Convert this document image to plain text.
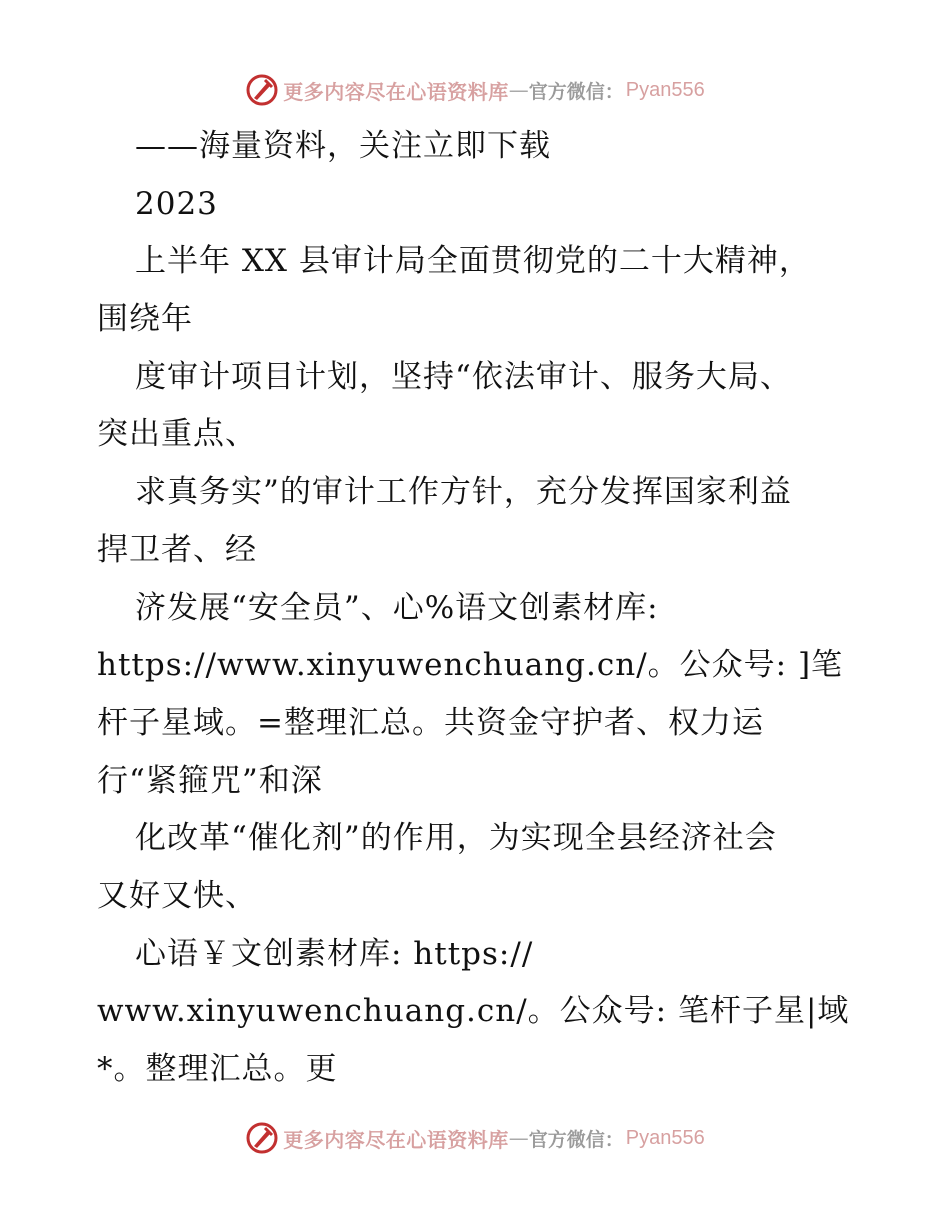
更多内容尽在心语资料库 — 官方微信： Pyan556
——海量资料，关注立即下载
2023
上半年 XX 县审计局全面贯彻党的二十大精神，
围绕年
度审计项目计划，坚持“依法审计、服务大局、
突出重点、
求真务实”的审计工作方针，充分发挥国家利益
捍卫者、经
济发展“安全员”、心%语文创素材库:
https://www.xinyuwenchuang.cn/。公众号: ]笔
杆子星域。=整理汇总。共资金守护者、权力运
行“紧箍咒”和深
化改革“催化剂”的作用，为实现全县经济社会
又好又快、
心语￥文创素材库: https://
www.xinyuwenchuang.cn/。公众号: 笔杆子星|域
*。整理汇总。更
更多内容尽在心语资料库 — 官方微信： Pyan556
